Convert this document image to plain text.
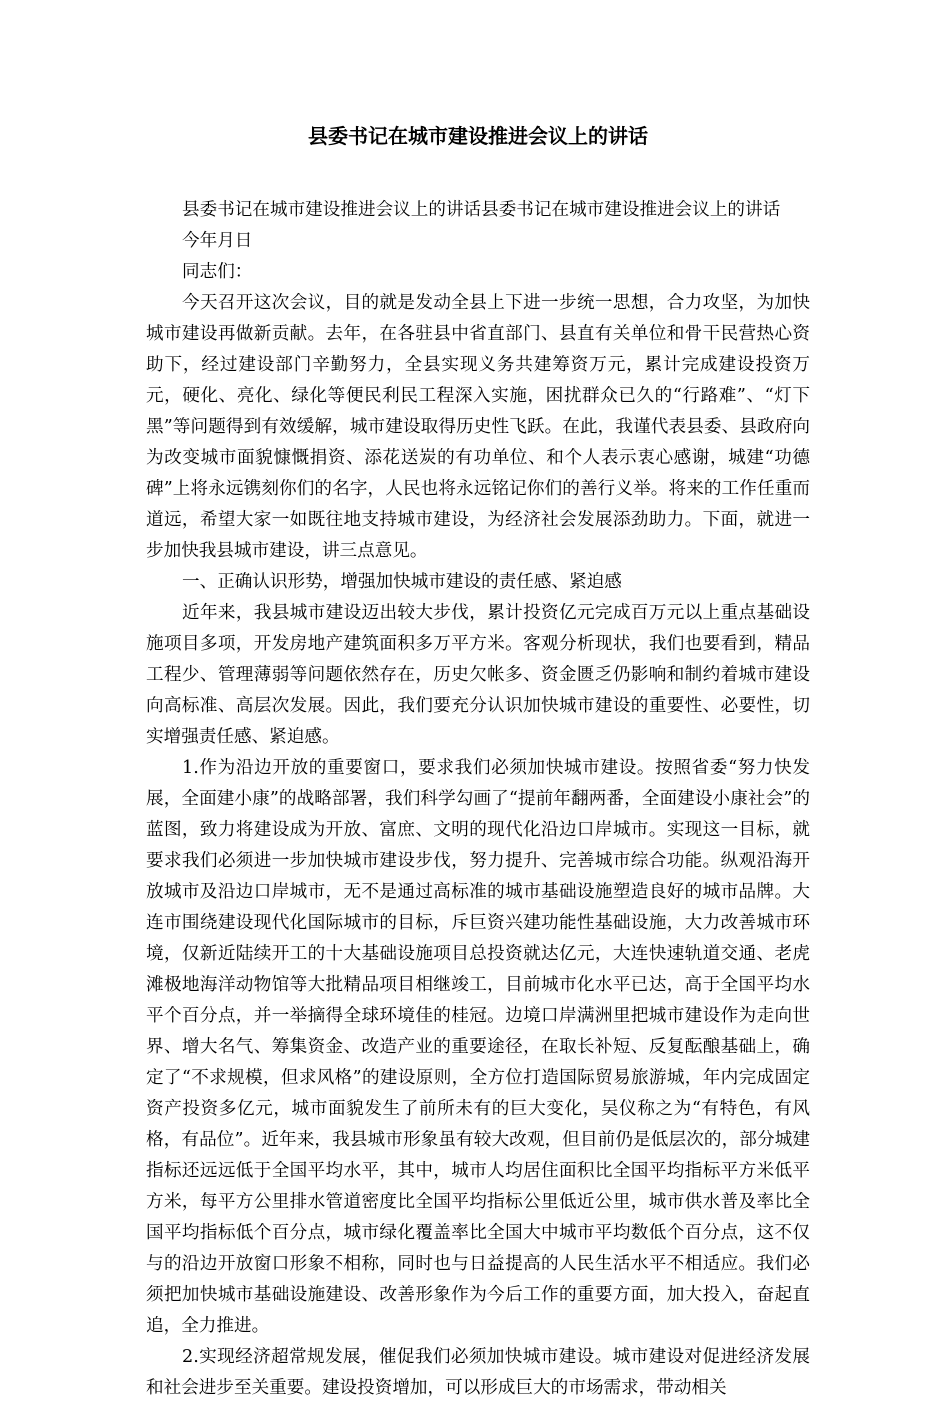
县委书记在城市建设推进会议上的讲话

县委书记在城市建设推进会议上的讲话县委书记在城市建设推进会议上的讲话

今年月日

同志们：

今天召开这次会议，目的就是发动全县上下进一步统一思想，合力攻坚，为加快城市建设再做新贡献。去年，在各驻县中省直部门、县直有关单位和骨干民营热心资助下，经过建设部门辛勤努力，全县实现义务共建筹资万元，累计完成建设投资万元，硬化、亮化、绿化等便民利民工程深入实施，困扰群众已久的“行路难”、“灯下黑”等问题得到有效缓解，城市建设取得历史性飞跃。在此，我谨代表县委、县政府向为改变城市面貌慷慨捐资、添花送炭的有功单位、和个人表示衷心感谢，城建“功德碑”上将永远镌刻你们的名字，人民也将永远铭记你们的善行义举。将来的工作任重而道远，希望大家一如既往地支持城市建设，为经济社会发展添劲助力。下面，就进一步加快我县城市建设，讲三点意见。

一、正确认识形势，增强加快城市建设的责任感、紧迫感

近年来，我县城市建设迈出较大步伐，累计投资亿元完成百万元以上重点基础设施项目多项，开发房地产建筑面积多万平方米。客观分析现状，我们也要看到，精品工程少、管理薄弱等问题依然存在，历史欠帐多、资金匮乏仍影响和制约着城市建设向高标准、高层次发展。因此，我们要充分认识加快城市建设的重要性、必要性，切实增强责任感、紧迫感。

1.作为沿边开放的重要窗口，要求我们必须加快城市建设。按照省委“努力快发展，全面建小康”的战略部署，我们科学勾画了“提前年翻两番，全面建设小康社会”的蓝图，致力将建设成为开放、富庶、文明的现代化沿边口岸城市。实现这一目标，就要求我们必须进一步加快城市建设步伐，努力提升、完善城市综合功能。纵观沿海开放城市及沿边口岸城市，无不是通过高标准的城市基础设施塑造良好的城市品牌。大连市围绕建设现代化国际城市的目标，斥巨资兴建功能性基础设施，大力改善城市环境，仅新近陆续开工的十大基础设施项目总投资就达亿元，大连快速轨道交通、老虎滩极地海洋动物馆等大批精品项目相继竣工，目前城市化水平已达，高于全国平均水平个百分点，并一举摘得全球环境佳的桂冠。边境口岸满洲里把城市建设作为走向世界、增大名气、筹集资金、改造产业的重要途径，在取长补短、反复酝酿基础上，确定了“不求规模，但求风格”的建设原则，全方位打造国际贸易旅游城，年内完成固定资产投资多亿元，城市面貌发生了前所未有的巨大变化，吴仪称之为“有特色，有风格，有品位”。近年来，我县城市形象虽有较大改观，但目前仍是低层次的，部分城建指标还远远低于全国平均水平，其中，城市人均居住面积比全国平均指标平方米低平方米，每平方公里排水管道密度比全国平均指标公里低近公里，城市供水普及率比全国平均指标低个百分点，城市绿化覆盖率比全国大中城市平均数低个百分点，这不仅与的沿边开放窗口形象不相称，同时也与日益提高的人民生活水平不相适应。我们必须把加快城市基础设施建设、改善形象作为今后工作的重要方面，加大投入，奋起直追，全力推进。

2.实现经济超常规发展，催促我们必须加快城市建设。城市建设对促进经济发展和社会进步至关重要。建设投资增加，可以形成巨大的市场需求，带动相关
